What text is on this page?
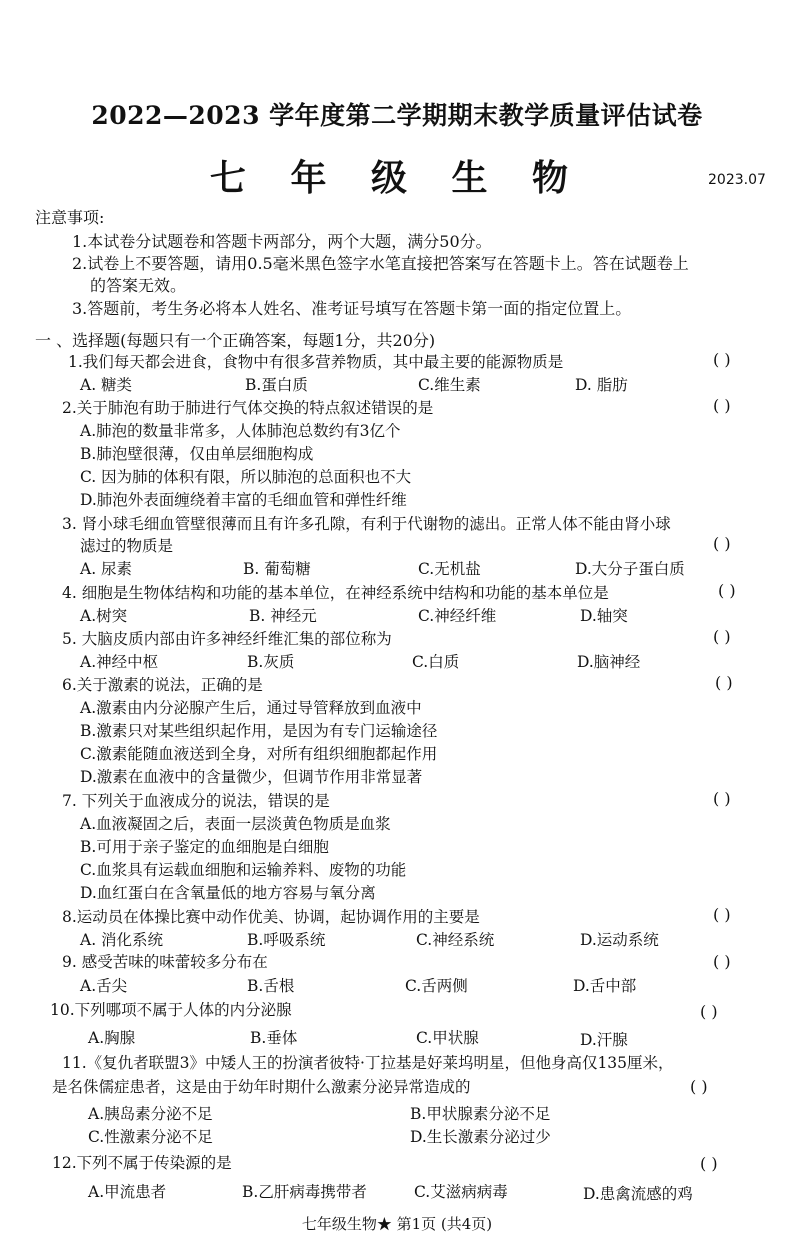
2022—2023 学年度第二学期期末教学质量评估试卷
七 年 级 生 物	2023.07
注意事项:
1.本试卷分试题卷和答题卡两部分，两个大题，满分50分。
2.试卷上不要答题，请用0.5毫米黑色签字水笔直接把答案写在答题卡上。答在试题卷上
的答案无效。
3.答题前，考生务必将本人姓名、准考证号填写在答题卡第一面的指定位置上。
一 、选择题(每题只有一个正确答案，每题1分，共20分)
1.我们每天都会进食，食物中有很多营养物质，其中最主要的能源物质是	( )
A. 糖类	B.蛋白质	C.维生素	D. 脂肪
2.关于肺泡有助于肺进行气体交换的特点叙述错误的是	( )
A.肺泡的数量非常多，人体肺泡总数约有3亿个
B.肺泡壁很薄，仅由单层细胞构成
C. 因为肺的体积有限，所以肺泡的总面积也不大
D.肺泡外表面缠绕着丰富的毛细血管和弹性纤维
3. 肾小球毛细血管壁很薄而且有许多孔隙，有利于代谢物的滤出。正常人体不能由肾小球
滤过的物质是	( )
A. 尿素	B. 葡萄糖	C.无机盐	D.大分子蛋白质
4. 细胞是生物体结构和功能的基本单位，在神经系统中结构和功能的基本单位是	( )
A.树突	B. 神经元	C.神经纤维	D.轴突
5. 大脑皮质内部由许多神经纤维汇集的部位称为	( )
A.神经中枢	B.灰质	C.白质	D.脑神经
6.关于激素的说法，正确的是	( )
A.激素由内分泌腺产生后，通过导管释放到血液中
B.激素只对某些组织起作用，是因为有专门运输途径
C.激素能随血液送到全身，对所有组织细胞都起作用
D.激素在血液中的含量微少，但调节作用非常显著
7. 下列关于血液成分的说法，错误的是	( )
A.血液凝固之后，表面一层淡黄色物质是血浆
B.可用于亲子鉴定的血细胞是白细胞
C.血浆具有运载血细胞和运输养料、废物的功能
D.血红蛋白在含氧量低的地方容易与氧分离
8.运动员在体操比赛中动作优美、协调，起协调作用的主要是	( )
A. 消化系统	B.呼吸系统	C.神经系统	D.运动系统
9. 感受苦味的味蕾较多分布在	( )
A.舌尖	B.舌根	C.舌两侧	D.舌中部
10.下列哪项不属于人体的内分泌腺	( )
A.胸腺	B.垂体	C.甲状腺	D.汗腺
11.《复仇者联盟3》中矮人王的扮演者彼特·丁拉基是好莱坞明星，但他身高仅135厘米，
是名侏儒症患者，这是由于幼年时期什么激素分泌异常造成的	( )
A.胰岛素分泌不足	B.甲状腺素分泌不足
C.性激素分泌不足	D.生长激素分泌过少
12.下列不属于传染源的是	( )
A.甲流患者	B.乙肝病毒携带者	C.艾滋病病毒	D.患禽流感的鸡
七年级生物★ 第1页 (共4页)
